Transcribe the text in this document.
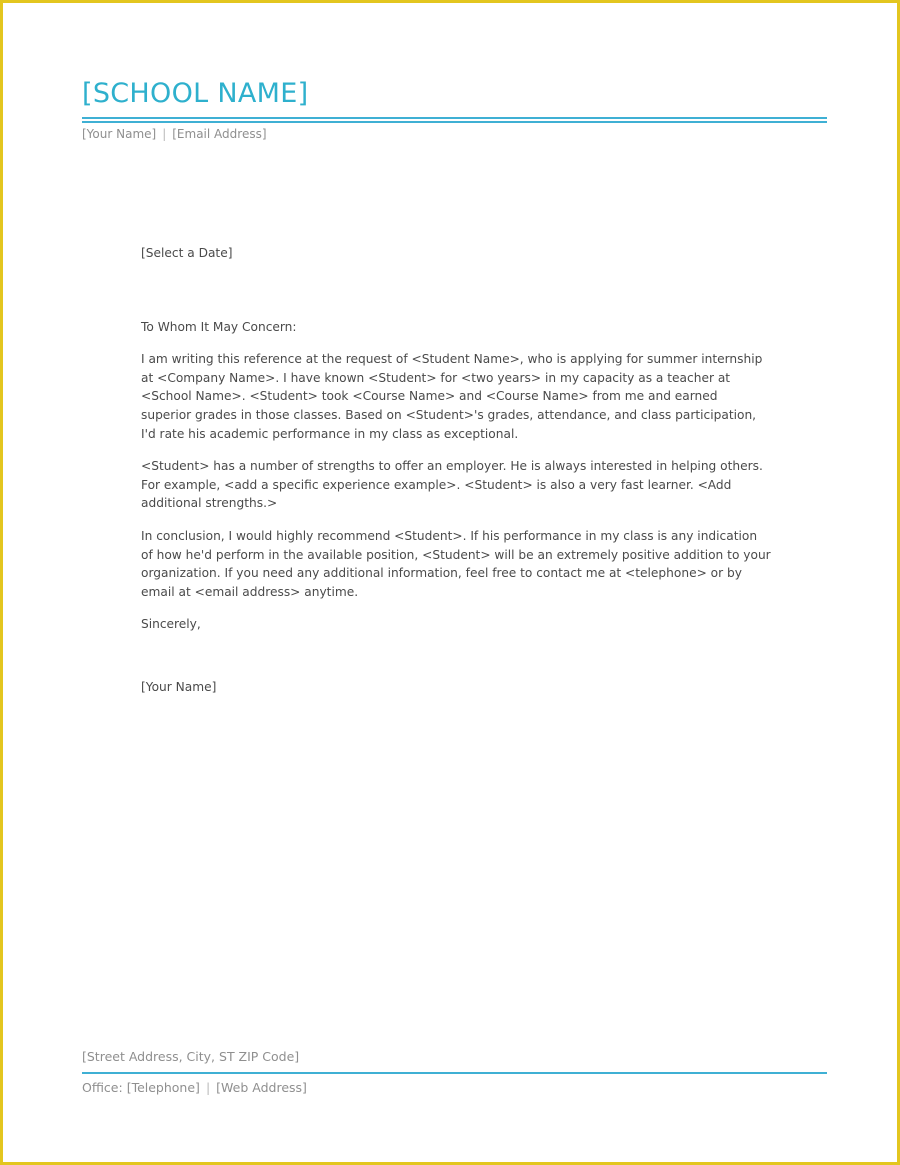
[SCHOOL NAME]
[Your Name] | [Email Address]
[Select a Date]
To Whom It May Concern:

I am writing this reference at the request of <Student Name>, who is applying for summer internship at <Company Name>. I have known <Student> for <two years> in my capacity as a teacher at <School Name>. <Student> took <Course Name> and <Course Name> from me and earned superior grades in those classes. Based on <Student>'s grades, attendance, and class participation, I'd rate his academic performance in my class as exceptional.

<Student> has a number of strengths to offer an employer. He is always interested in helping others. For example, <add a specific experience example>. <Student> is also a very fast learner. <Add additional strengths.>

In conclusion, I would highly recommend <Student>. If his performance in my class is any indication of how he'd perform in the available position, <Student> will be an extremely positive addition to your organization. If you need any additional information, feel free to contact me at <telephone> or by email at <email address> anytime.

Sincerely,
[Your Name]
[Street Address, City, ST ZIP Code]
Office: [Telephone] | [Web Address]
